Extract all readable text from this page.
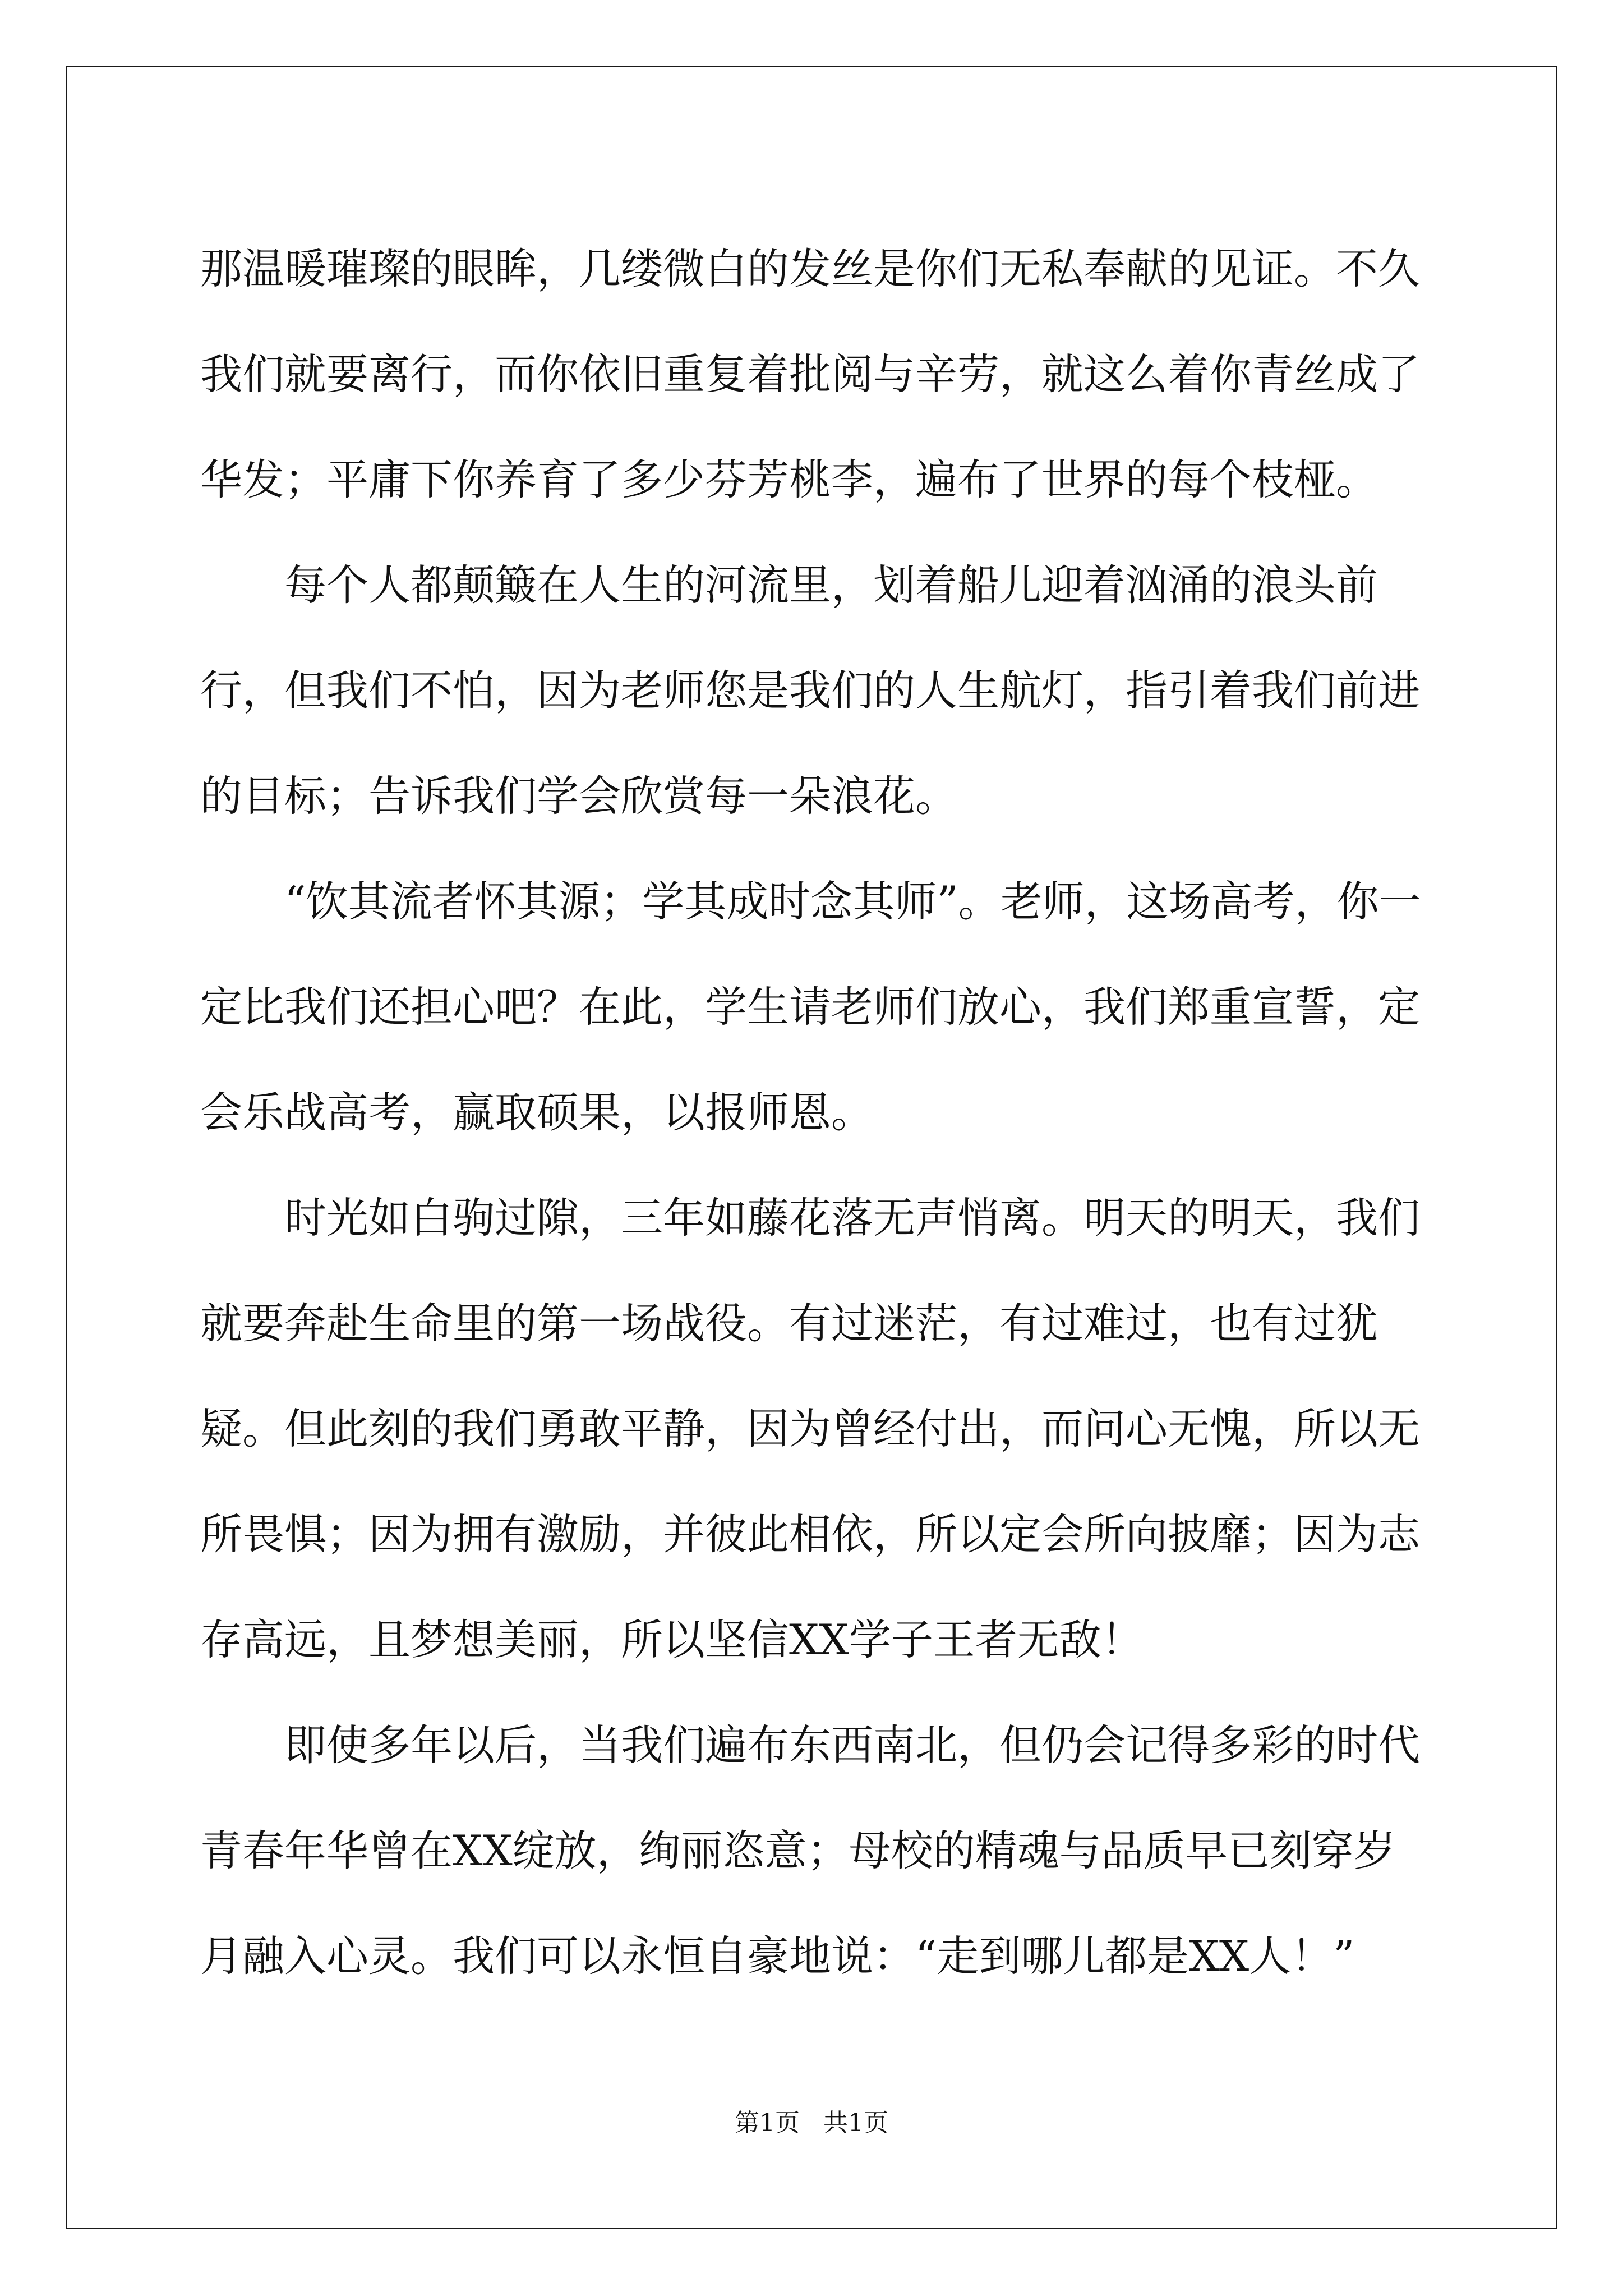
那温暖璀璨的眼眸，几缕微白的发丝是你们无私奉献的见证。不久我们就要离行，而你依旧重复着批阅与辛劳，就这么着你青丝成了华发；平庸下你养育了多少芬芳桃李，遍布了世界的每个枝桠。

每个人都颠簸在人生的河流里，划着船儿迎着汹涌的浪头前行，但我们不怕，因为老师您是我们的人生航灯，指引着我们前进的目标；告诉我们学会欣赏每一朵浪花。

“饮其流者怀其源；学其成时念其师”。老师，这场高考，你一定比我们还担心吧？在此，学生请老师们放心，我们郑重宣誓，定会乐战高考，赢取硕果，以报师恩。

时光如白驹过隙，三年如藤花落无声悄离。明天的明天，我们就要奔赴生命里的第一场战役。有过迷茫，有过难过，也有过犹疑。但此刻的我们勇敢平静，因为曾经付出，而问心无愧，所以无所畏惧；因为拥有激励，并彼此相依，所以定会所向披靡；因为志存高远，且梦想美丽，所以坚信XX学子王者无敌！

即使多年以后，当我们遍布东西南北，但仍会记得多彩的时代青春年华曾在XX绽放，绚丽恣意；母校的精魂与品质早已刻穿岁月融入心灵。我们可以永恒自豪地说：“走到哪儿都是XX人！”

第1页   共1页
